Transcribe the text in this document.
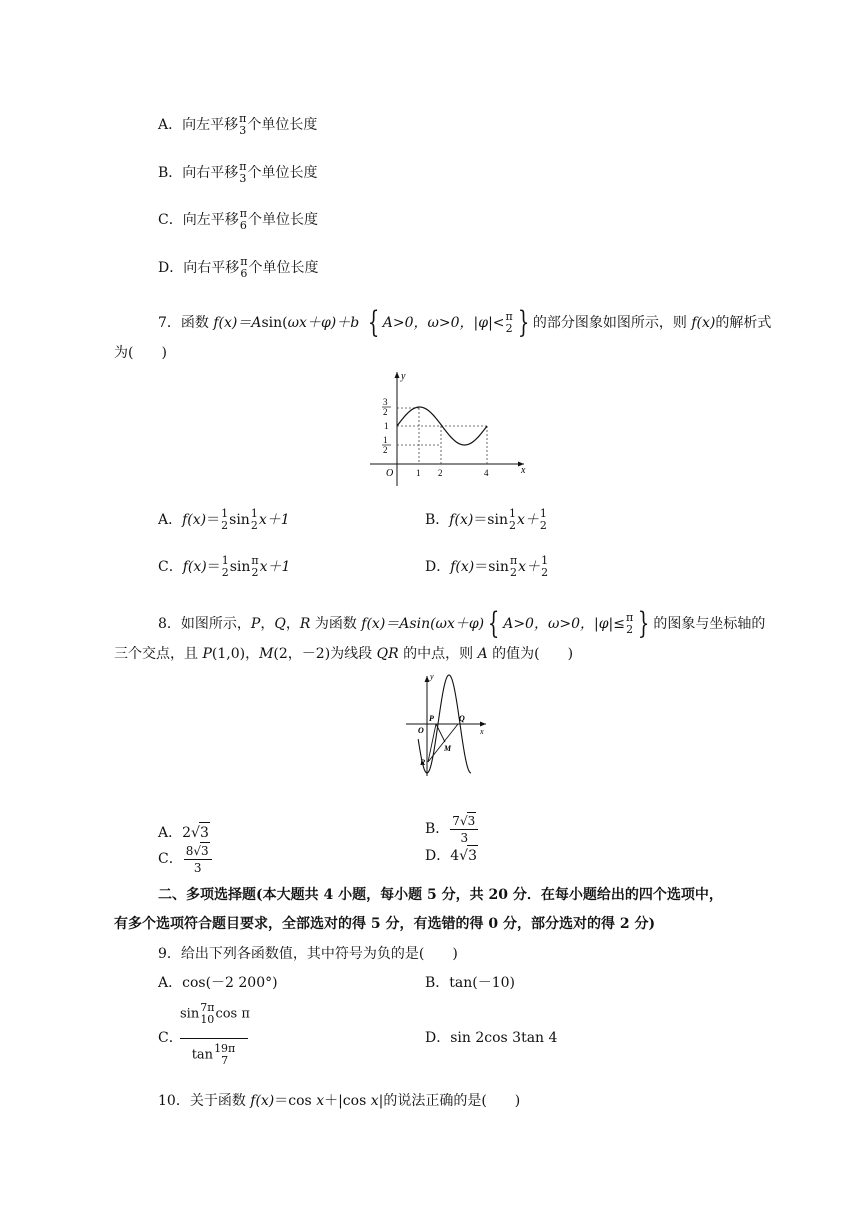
A．向左平移 π
3 个单位长度
B．向右平移 π
3 个单位长度
C．向左平移 π
6 个单位长度
D．向右平移 π
6 个单位长度
7．函数 f(x)＝Asin(ωx＋φ)＋b { A>0，ω>0，|φ|< π
2 } 的部分图象如图所示，则 f(x)的解析式
为(　　)
y
x
O
3
2
1
1
2
1 2	4
A．f(x)＝ 1
2 sin 1
2 x＋1	B．f(x)＝sin 1
2 x＋ 1
2
C．f(x)＝ 1
2 sin π
2 x＋1	D．f(x)＝sin π
2 x＋ 1
2
8．如图所示，P，Q，R 为函数 f(x)＝Asin(ωx＋φ) { A>0，ω>0，|φ|≤ π
2 } 的图象与坐标轴的
三个交点，且 P(1,0)，M(2，－2)为线段 QR 的中点，则 A 的值为(　　)
y
x
O
P	Q
M
R
A．2√3	B． $\frac{7√3}{3}$
C． $\frac{8√3}{3}$	D．4√3
二、多项选择题(本大题共 4 小题，每小题 5 分，共 20 分．在每小题给出的四个选项中，
有多个选项符合题目要求，全部选对的得 5 分，有选错的得 0 分，部分选对的得 2 分)
9．给出下列各函数值，其中符号为负的是(　　)
A．cos(－2 200°)	B．tan(－10)
C．
sin 7π
10 cos π
tan 19π
7
D．sin 2cos 3tan 4
10．关于函数 f(x)＝cos x＋|cos x|的说法正确的是(　　)
